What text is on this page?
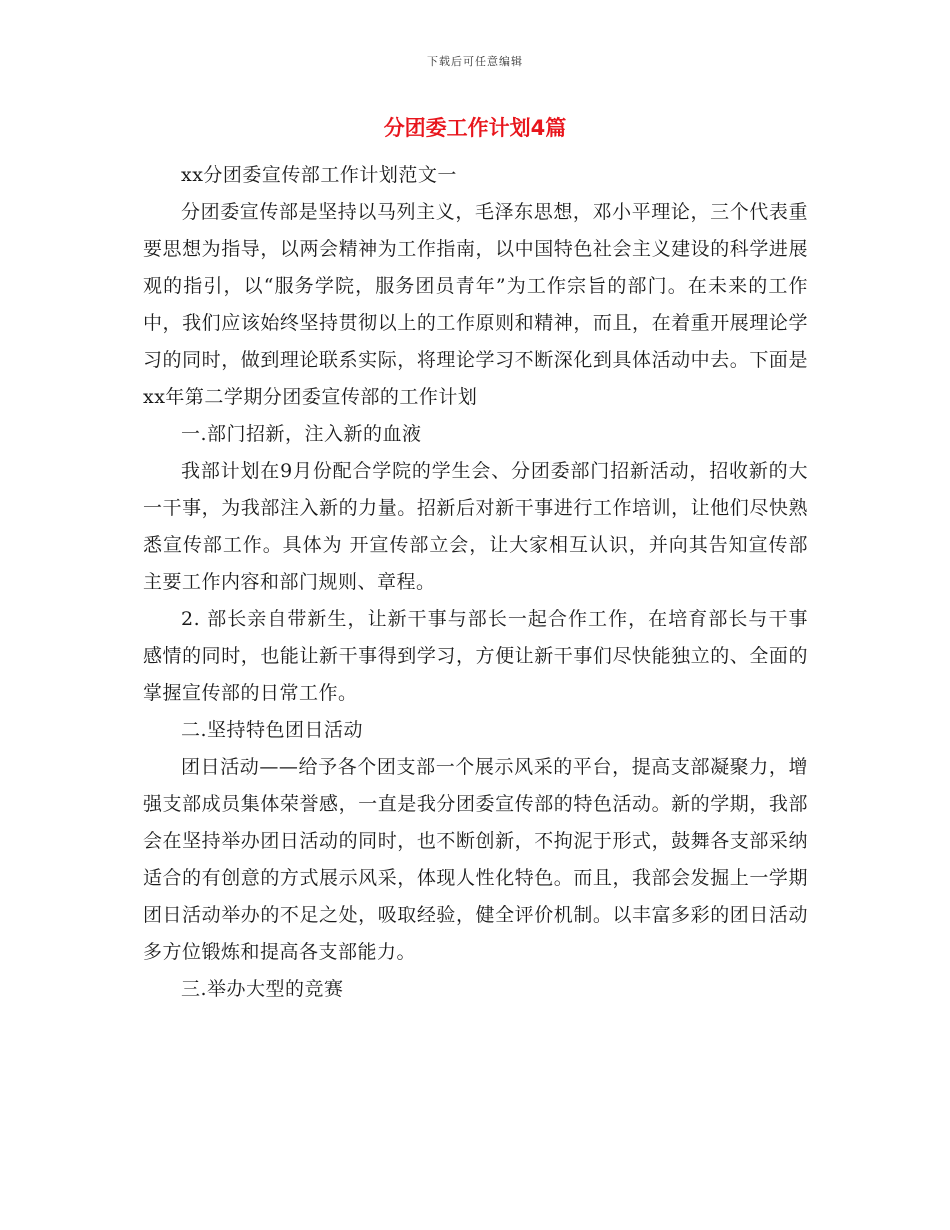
下载后可任意编辑
分团委工作计划4篇

xx分团委宣传部工作计划范文一

分团委宣传部是坚持以马列主义，毛泽东思想，邓小平理论，三个代表重要思想为指导，以两会精神为工作指南，以中国特色社会主义建设的科学进展观的指引，以“服务学院，服务团员青年”为工作宗旨的部门。在未来的工作中，我们应该始终坚持贯彻以上的工作原则和精神，而且，在着重开展理论学习的同时，做到理论联系实际，将理论学习不断深化到具体活动中去。下面是xx年第二学期分团委宣传部的工作计划

一.部门招新，注入新的血液

我部计划在9月份配合学院的学生会、分团委部门招新活动，招收新的大一干事，为我部注入新的力量。招新后对新干事进行工作培训，让他们尽快熟悉宣传部工作。具体为 开宣传部立会，让大家相互认识，并向其告知宣传部主要工作内容和部门规则、章程。

2. 部长亲自带新生，让新干事与部长一起合作工作，在培育部长与干事感情的同时，也能让新干事得到学习，方便让新干事们尽快能独立的、全面的掌握宣传部的日常工作。

二.坚持特色团日活动

团日活动——给予各个团支部一个展示风采的平台，提高支部凝聚力，增强支部成员集体荣誉感，一直是我分团委宣传部的特色活动。新的学期，我部会在坚持举办团日活动的同时，也不断创新，不拘泥于形式，鼓舞各支部采纳适合的有创意的方式展示风采，体现人性化特色。而且，我部会发掘上一学期团日活动举办的不足之处，吸取经验，健全评价机制。以丰富多彩的团日活动多方位锻炼和提高各支部能力。

三.举办大型的竞赛
